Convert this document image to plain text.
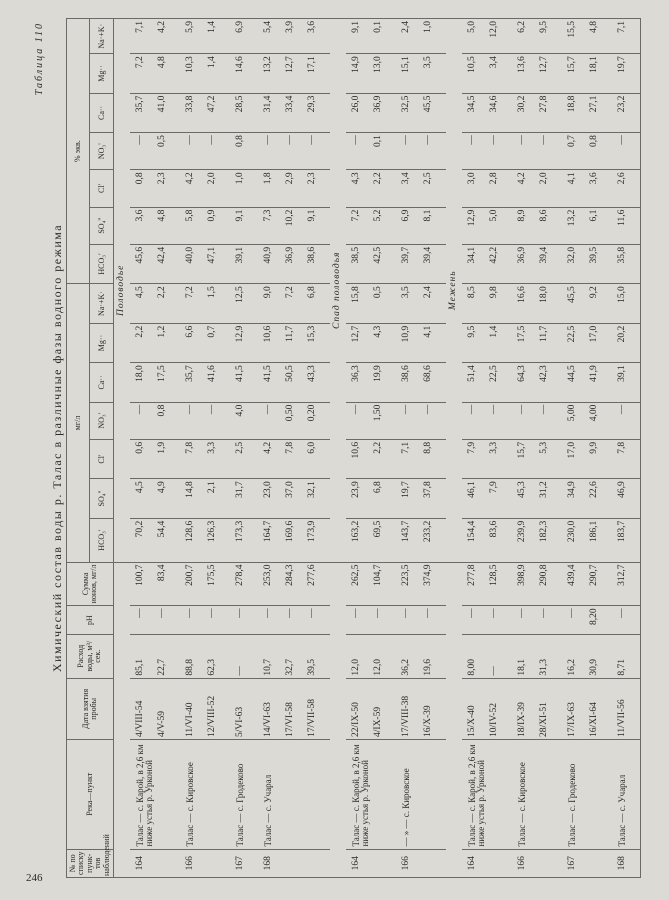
246
Таблица 110
Химический состав воды р. Талас в различные фазы водного режима
№ по списку пунк- тов наблюдений	Река—пункт	Дата взятия пробы	Расход воды, м³/сек.	pH	Сумма ионов, мг/л	мг/л							% экв.						
						HCO₃'	SO₄''	Cl'	NO₃'	Ca··	Mg··	Na·+K·	HCO₃'	SO₄''	Cl'	NO₃'	Ca··	Mg··	Na·+K·
						Половодье													
164	Талас — с. Карой, в 2,6 км ниже устья р. Урконой	4/VIII-54	85,1	—	100,7	70,2	4,5	0,6	—	18,0	2,2	4,5	45,6	3,6	0,8	—	35,7	7,2	7,1
		4/V-59	22,7	—	83,4	54,4	4,9	1,9	0,8	17,5	1,2	2,2	42,4	4,8	2,3	0,5	41,0	4,8	4,2
166	Талас — с. Кировское	11/VI-40	88,8	—	200,7	128,6	14,8	7,8	—	35,7	6,6	7,2	40,0	5,8	4,2	—	33,8	10,3	5,9
		12/VIII-52	62,3	—	175,5	126,3	2,1	3,3	—	41,6	0,7	1,5	47,1	0,9	2,0	—	47,2	1,4	1,4
167	Талас — с. Гродеково	5/VI-63	—	—	278,4	173,3	31,7	2,5	4,0	41,5	12,9	12,5	39,1	9,1	1,0	0,8	28,5	14,6	6,9
168	Талас — с. Учарал	14/VI-63	10,7	—	253,0	164,7	23,0	4,2	—	41,5	10,6	9,0	40,9	7,3	1,8	—	31,4	13,2	5,4
		17/VI-58	32,7	—	284,3	169,6	37,0	7,8	0,50	50,5	11,7	7,2	36,9	10,2	2,9	—	33,4	12,7	3,9
		17/VII-58	39,5	—	277,6	173,9	32,1	6,0	0,20	43,3	15,3	6,8	38,6	9,1	2,3	—	29,3	17,1	3,6
						Спад половодья													
164	Талас — с. Карой, в 2,6 км ниже устья р. Урконой	22/IX-50	12,0	—	262,5	163,2	23,9	10,6	—	36,3	12,7	15,8	38,5	7,2	4,3	—	26,0	14,9	9,1
		4/IX-59	12,0	—	104,7	69,5	6,8	2,2	1,50	19,9	4,3	0,5	42,5	5,2	2,2	0,1	36,9	13,0	0,1
166	— » — с. Кировское	17/VIII-38	36,2	—	223,5	143,7	19,7	7,1	—	38,6	10,9	3,5	39,7	6,9	3,4	—	32,5	15,1	2,4
		16/X-39	19,6	—	374,9	233,2	37,8	8,8	—	68,6	4,1	2,4	39,4	8,1	2,5	—	45,5	3,5	1,0
						Межень													
164	Талас — с. Карой, в 2,6 км ниже устья р. Урконой	15/X-40	8,00	—	277,8	154,4	46,1	7,9	—	51,4	9,5	8,5	34,1	12,9	3,0	—	34,5	10,5	5,0
		10/IV-52	—	—	128,5	83,6	7,9	3,3	—	22,5	1,4	9,8	42,2	5,0	2,8	—	34,6	3,4	12,0
166	Талас — с. Кировское	18/IX-39	18,1	—	398,9	239,9	45,3	15,7	—	64,3	17,5	16,6	36,9	8,9	4,2	—	30,2	13,6	6,2
		28/XI-51	31,3	—	290,8	182,3	31,2	5,3	—	42,3	11,7	18,0	39,4	8,6	2,0	—	27,8	12,7	9,5
167	Талас — с. Гродеково	17/IX-63	16,2	—	439,4	230,0	34,9	17,0	5,00	44,5	22,5	45,5	32,0	13,2	4,1	0,7	18,8	15,7	15,5
		16/XI-64	30,9	8,20	290,7	186,1	22,6	9,9	4,00	41,9	17,0	9,2	39,5	6,1	3,6	0,8	27,1	18,1	4,8
168	Талас — с. Учарал	11/VII-56	8,71	—	312,7	183,7	46,9	7,8	—	39,1	20,2	15,0	35,8	11,6	2,6	—	23,2	19,7	7,1
